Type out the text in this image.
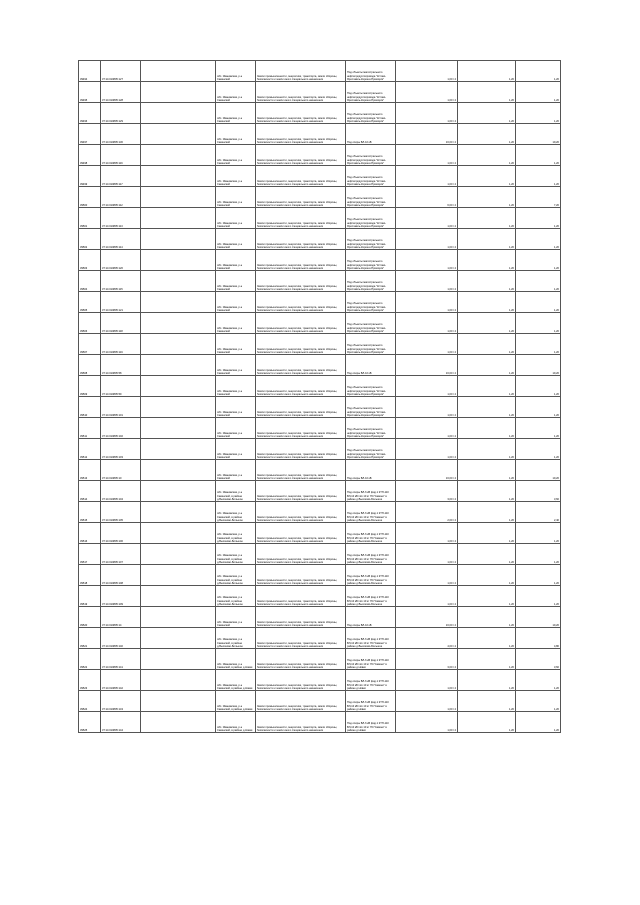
39494	37:14:010805:127		обл. Ивановская, р-н Савинский	Земли промышленности, энергетики, транспорта, земли обороны, безопасности и земли иного специального назначения	Под объекты магистрального нефтепродуктопровода "Кстово-Ярославль-Кириши-Приморск"	1,00 / 4	1,20	1,20
39495	37:14:010805:128		обл. Ивановская, р-н Савинский	Земли промышленности, энергетики, транспорта, земли обороны, безопасности и земли иного специального назначения	Под объекты магистрального нефтепродуктопровода "Кстово-Ярославль-Кириши-Приморск"	1,00 / 4	1,20	1,20
39496	37:14:010805:129		обл. Ивановская, р-н Савинский	Земли промышленности, энергетики, транспорта, земли обороны, безопасности и земли иного специального назначения	Под объекты магистрального нефтепродуктопровода "Кстово-Ярославль-Кириши-Приморск"	1,00 / 4	1,20	1,20
39497	37:14:010805:130		обл. Ивановская, р-н Савинский	Земли промышленности, энергетики, транспорта, земли обороны, безопасности и земли иного специального назначения	Под опоры ВЛ-10 кВ	16,00 / 4	1,20	19,20
39498	37:14:010805:116		обл. Ивановская, р-н Савинский	Земли промышленности, энергетики, транспорта, земли обороны, безопасности и земли иного специального назначения	Под объекты магистрального нефтепродуктопровода "Кстово-Ярославль-Кириши-Приморск"	1,00 / 4	1,20	1,20
39499	37:14:010805:117		обл. Ивановская, р-н Савинский	Земли промышленности, энергетики, транспорта, земли обороны, безопасности и земли иного специального назначения	Под объекты магистрального нефтепродуктопровода "Кстово-Ярославль-Кириши-Приморск"	1,00 / 4	1,20	1,20
39500	37:14:010805:112		обл. Ивановская, р-н Савинский	Земли промышленности, энергетики, транспорта, земли обороны, безопасности и земли иного специального назначения	Под объекты магистрального нефтепродуктопровода "Кстово-Ярославль-Кириши-Приморск"	6,00 / 4	1,20	7,20
39501	37:14:010805:113		обл. Ивановская, р-н Савинский	Земли промышленности, энергетики, транспорта, земли обороны, безопасности и земли иного специального назначения	Под объекты магистрального нефтепродуктопровода "Кстово-Ярославль-Кириши-Приморск"	1,00 / 4	1,20	1,20
39502	37:14:010805:114		обл. Ивановская, р-н Савинский	Земли промышленности, энергетики, транспорта, земли обороны, безопасности и земли иного специального назначения	Под объекты магистрального нефтепродуктопровода "Кстово-Ярославль-Кириши-Приморск"	1,00 / 4	1,20	1,20
39503	37:14:010805:120		обл. Ивановская, р-н Савинский	Земли промышленности, энергетики, транспорта, земли обороны, безопасности и земли иного специального назначения	Под объекты магистрального нефтепродуктопровода "Кстово-Ярославль-Кириши-Приморск"	1,00 / 4	1,20	1,20
39504	37:14:010805:115		обл. Ивановская, р-н Савинский	Земли промышленности, энергетики, транспорта, земли обороны, безопасности и земли иного специального назначения	Под объекты магистрального нефтепродуктопровода "Кстово-Ярославль-Кириши-Приморск"	1,00 / 4	1,20	1,20
39505	37:14:010805:121		обл. Ивановская, р-н Савинский	Земли промышленности, энергетики, транспорта, земли обороны, безопасности и земли иного специального назначения	Под объекты магистрального нефтепродуктопровода "Кстово-Ярославль-Кириши-Приморск"	1,00 / 4	1,20	1,20
39506	37:14:010805:118		обл. Ивановская, р-н Савинский	Земли промышленности, энергетики, транспорта, земли обороны, безопасности и земли иного специального назначения	Под объекты магистрального нефтепродуктопровода "Кстово-Ярославль-Кириши-Приморск"	1,00 / 4	1,20	1,20
39507	37:14:010805:119		обл. Ивановская, р-н Савинский	Земли промышленности, энергетики, транспорта, земли обороны, безопасности и земли иного специального назначения	Под объекты магистрального нефтепродуктопровода "Кстово-Ярославль-Кириши-Приморск"	1,00 / 4	1,20	1,20
39508	37:14:010805:58		обл. Ивановская, р-н Савинский	Земли промышленности, энергетики, транспорта, земли обороны, безопасности и земли иного специального назначения	Под опоры ВЛ-10 кВ	16,00 / 4	1,20	19,20
39509	37:14:010805:59		обл. Ивановская, р-н Савинский	Земли промышленности, энергетики, транспорта, земли обороны, безопасности и земли иного специального назначения	Под объекты магистрального нефтепродуктопровода "Кстово-Ярославль-Кириши-Приморск"	1,00 / 4	1,20	1,20
39510	37:14:010805:101		обл. Ивановская, р-н Савинский	Земли промышленности, энергетики, транспорта, земли обороны, безопасности и земли иного специального назначения	Под объекты магистрального нефтепродуктопровода "Кстово-Ярославль-Кириши-Приморск"	1,00 / 4	1,20	1,20
39511	37:14:010805:102		обл. Ивановская, р-н Савинский	Земли промышленности, энергетики, транспорта, земли обороны, безопасности и земли иного специального назначения	Под объекты магистрального нефтепродуктопровода "Кстово-Ярославль-Кириши-Приморск"	1,00 / 4	1,20	1,20
39512	37:14:010805:103		обл. Ивановская, р-н Савинский	Земли промышленности, энергетики, транспорта, земли обороны, безопасности и земли иного специального назначения	Под объекты магистрального нефтепродуктопровода "Кстово-Ярославль-Кириши-Приморск"	1,00 / 4	1,20	1,20
39513	37:14:010805:10		обл. Ивановская, р-н Савинский	Земли промышленности, энергетики, транспорта, земли обороны, безопасности и земли иного специального назначения	Под опоры ВЛ-10 кВ	16,00 / 4	1,20	19,20
39514	37:14:010805:104		обл. Ивановская, р-н Савинский, в районе д.Высоково-Большое	Земли промышленности, энергетики, транспорта, земли обороны, безопасности и земли иного специального назначения	Под опоры ВЛ-6 кВ фид.1 КТП-110 ВЛ-10 кВ №1 10 кт ПС"Савино" в районе д.Высоково-Большое	3,00 / 4	1,20	3,60
39515	37:14:010805:105		обл. Ивановская, р-н Савинский, в районе д.Высоково-Большое	Земли промышленности, энергетики, транспорта, земли обороны, безопасности и земли иного специального назначения	Под опоры ВЛ-6 кВ фид.1 КТП-110 ВЛ-10 кВ №1 10 кт ПС"Савино" в районе д.Высоково-Большое	2,00 / 4	1,20	2,40
39516	37:14:010805:106		обл. Ивановская, р-н Савинский, в районе д.Высоково-Большое	Земли промышленности, энергетики, транспорта, земли обороны, безопасности и земли иного специального назначения	Под опоры ВЛ-6 кВ фид.1 КТП-110 ВЛ-10 кВ №1 10 кт ПС"Савино" в районе д.Высоково-Большое	1,00 / 4	1,20	1,20
39517	37:14:010805:107		обл. Ивановская, р-н Савинский, в районе д.Высоково-Большое	Земли промышленности, энергетики, транспорта, земли обороны, безопасности и земли иного специального назначения	Под опоры ВЛ-6 кВ фид.1 КТП-110 ВЛ-10 кВ №1 10 кт ПС"Савино" в районе д.Высоково-Большое	1,00 / 4	1,20	1,20
39518	37:14:010805:108		обл. Ивановская, р-н Савинский, в районе д.Высоково-Большое	Земли промышленности, энергетики, транспорта, земли обороны, безопасности и земли иного специального назначения	Под опоры ВЛ-6 кВ фид.1 КТП-110 ВЛ-10 кВ №1 10 кт ПС"Савино" в районе д.Высоково-Большое	1,00 / 4	1,20	1,20
39519	37:14:010805:109		обл. Ивановская, р-н Савинский, в районе д.Высоково-Большое	Земли промышленности, энергетики, транспорта, земли обороны, безопасности и земли иного специального назначения	Под опоры ВЛ-6 кВ фид.1 КТП-110 ВЛ-10 кВ №1 10 кт ПС"Савино" в районе д.Высоково-Большое	1,00 / 4	1,20	1,20
39520	37:14:010805:14		обл. Ивановская, р-н Савинский	Земли промышленности, энергетики, транспорта, земли обороны, безопасности и земли иного специального назначения	Под опоры ВЛ-10 кВ	16,00 / 4	1,20	19,20
39521	37:14:010805:140		обл. Ивановская, р-н Савинский, в районе д.Высоково-Большое	Земли промышленности, энергетики, транспорта, земли обороны, безопасности и земли иного специального назначения	Под опоры ВЛ-6 кВ фид.1 КТП-110 ВЛ-10 кВ №1 10 кт ПС"Савино" в районе д.Высоково-Большое	4,00 / 4	1,20	4,80
39522	37:14:010805:141		обл. Ивановская, р-н Савинский, в районе д.Новки	Земли промышленности, энергетики, транспорта, земли обороны, безопасности и земли иного специального назначения	Под опоры ВЛ-6 кВ фид.1 КТП-110 ВЛ-10 кВ №1 10 кт ПС"Савино" в районе д.Новки	3,00 / 4	1,20	3,60
39523	37:14:010805:142		обл. Ивановская, р-н Савинский, в районе д.Новки	Земли промышленности, энергетики, транспорта, земли обороны, безопасности и земли иного специального назначения	Под опоры ВЛ-6 кВ фид.1 КТП-110 ВЛ-10 кВ №1 10 кт ПС"Савино" в районе д.Новки	1,00 / 4	1,20	1,20
39524	37:14:010805:143		обл. Ивановская, р-н Савинский, в районе д.Новки	Земли промышленности, энергетики, транспорта, земли обороны, безопасности и земли иного специального назначения	Под опоры ВЛ-6 кВ фид.1 КТП-110 ВЛ-10 кВ №1 10 кт ПС"Савино" в районе д.Новки	1,00 / 4	1,20	1,20
39525	37:14:010805:144		обл. Ивановская, р-н Савинский, в районе д.Новки	Земли промышленности, энергетики, транспорта, земли обороны, безопасности и земли иного специального назначения	Под опоры ВЛ-6 кВ фид.1 КТП-110 ВЛ-10 кВ №1 10 кт ПС"Савино" в районе д.Новки	1,00 / 4	1,20	1,20
